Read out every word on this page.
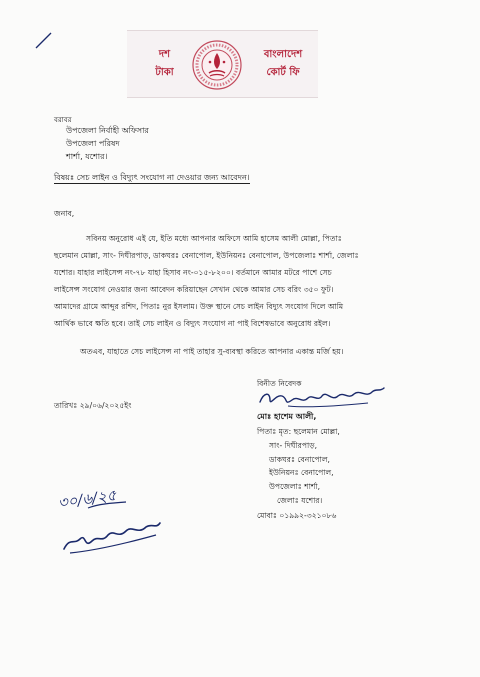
দশ
টাকা
বাংলাদেশ
কোর্ট ফি
বরাবর
উপজেলা নির্বাহী অফিসার
উপজেলা পরিষদ
শার্শা, যশোর।
বিষয়ঃ সেচ লাইন ও বিদ্যুৎ সংযোগ না দেওয়ার জন্য আবেদন।
জনাব,
সবিনয় অনুরোধ এই যে, ইতি মধ্যে আপনার অফিসে আমি হাসেম আলী মোল্লা, পিতাঃ
ছলেমান মোল্লা, সাং- দিঘীরপাড়, ডাকঘরঃ বেনাপোল, ইউনিয়নঃ বেনাপোল, উপজেলাঃ শার্শা, জেলাঃ
যশোর। যাহার লাইসেন্স নং-৭৮ যাহা হিসাব নং-০১৫-৮২০০। বর্তমানে আমার মটরে পাশে সেচ
লাইসেন্স সংযোগ নেওয়ার জন্য আবেদন করিয়াছেন সেখান থেকে আমার সেচ বরিং ৩৫০ ফুট।
আমাদের গ্রামে আব্দুর রশিদ, পিতাঃ নুর ইসলাম। উক্ত স্থানে সেচ লাইন বিদ্যুৎ সংযোগ দিলে আমি
আর্থিক ভাবে ক্ষতি হবে। তাই সেচ লাইন ও বিদ্যুৎ সংযোগ না পাই বিশেষভাবে অনুরোধ রইল।
অতএব, যাহাতে সেচ লাইসেন্স না পাই তাহার সু-ব্যবস্থা করিতে আপনার একান্ত মর্জি হয়।
বিনীত নিবেদক
তারিখঃ ২৯/০৬/২০২৫ইং
মোঃ হাশেম আলী,
পিতাঃ মৃত: ছলেমান মোল্লা,
সাং- দিঘীরপাড়,
ডাকঘরঃ বেনাপোল,
ইউনিয়নঃ বেনাপোল,
উপজেলাঃ শার্শা,
জেলাঃ যশোর।
মোবাঃ ০১৯৯২-৩২১০৮৬
৩০/৬/২৫
